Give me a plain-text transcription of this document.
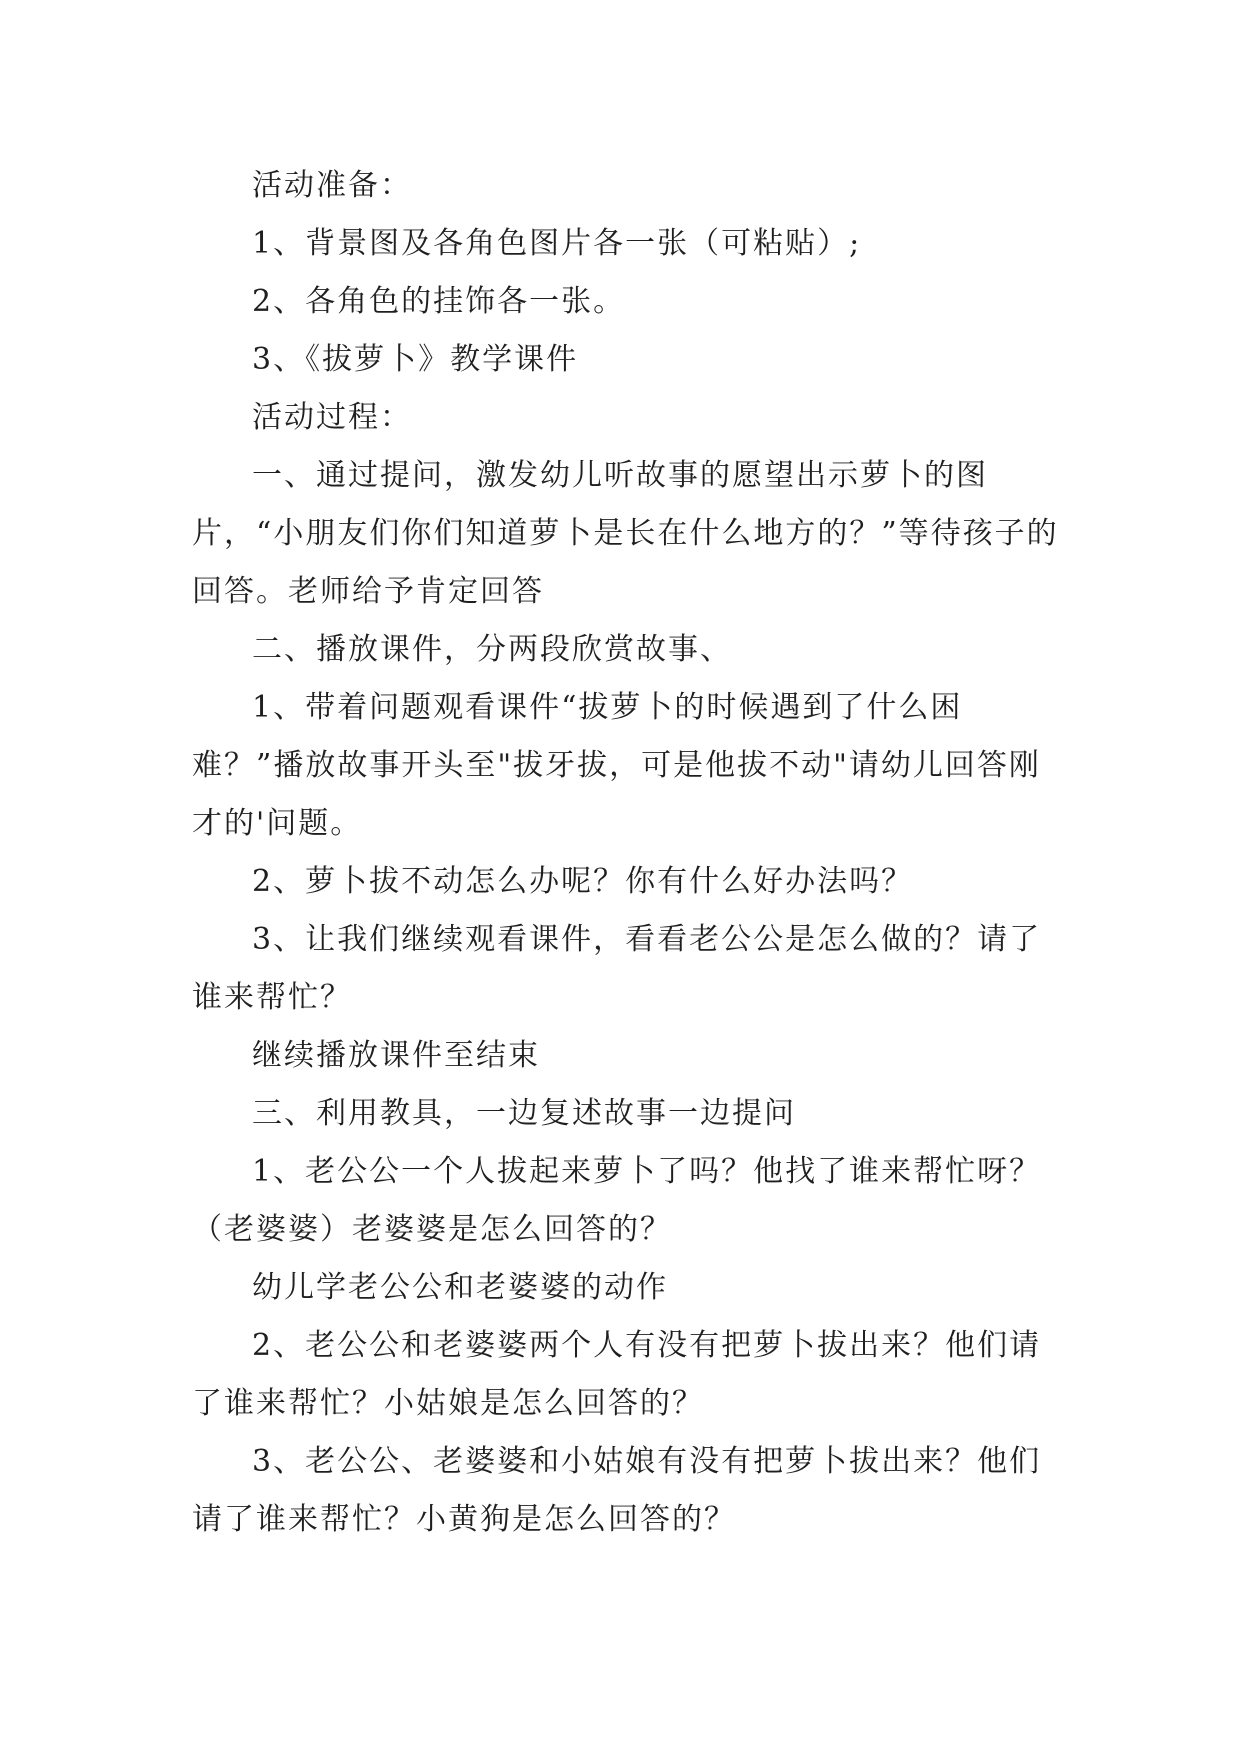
活动准备：

1、背景图及各角色图片各一张（可粘贴）;

2、各角色的挂饰各一张。

3、《拔萝卜》教学课件

活动过程：

一、通过提问，激发幼儿听故事的愿望出示萝卜的图片，“小朋友们你们知道萝卜是长在什么地方的？”等待孩子的回答。老师给予肯定回答

二、播放课件，分两段欣赏故事、

1、带着问题观看课件“拔萝卜的时候遇到了什么困难？”播放故事开头至"拔牙拔，可是他拔不动"请幼儿回答刚才的'问题。

2、萝卜拔不动怎么办呢？你有什么好办法吗？

3、让我们继续观看课件，看看老公公是怎么做的？请了谁来帮忙？

继续播放课件至结束

三、利用教具，一边复述故事一边提问

1、老公公一个人拔起来萝卜了吗？他找了谁来帮忙呀？（老婆婆）老婆婆是怎么回答的？

幼儿学老公公和老婆婆的动作

2、老公公和老婆婆两个人有没有把萝卜拔出来？他们请了谁来帮忙？小姑娘是怎么回答的？

3、老公公、老婆婆和小姑娘有没有把萝卜拔出来？他们请了谁来帮忙？小黄狗是怎么回答的？
